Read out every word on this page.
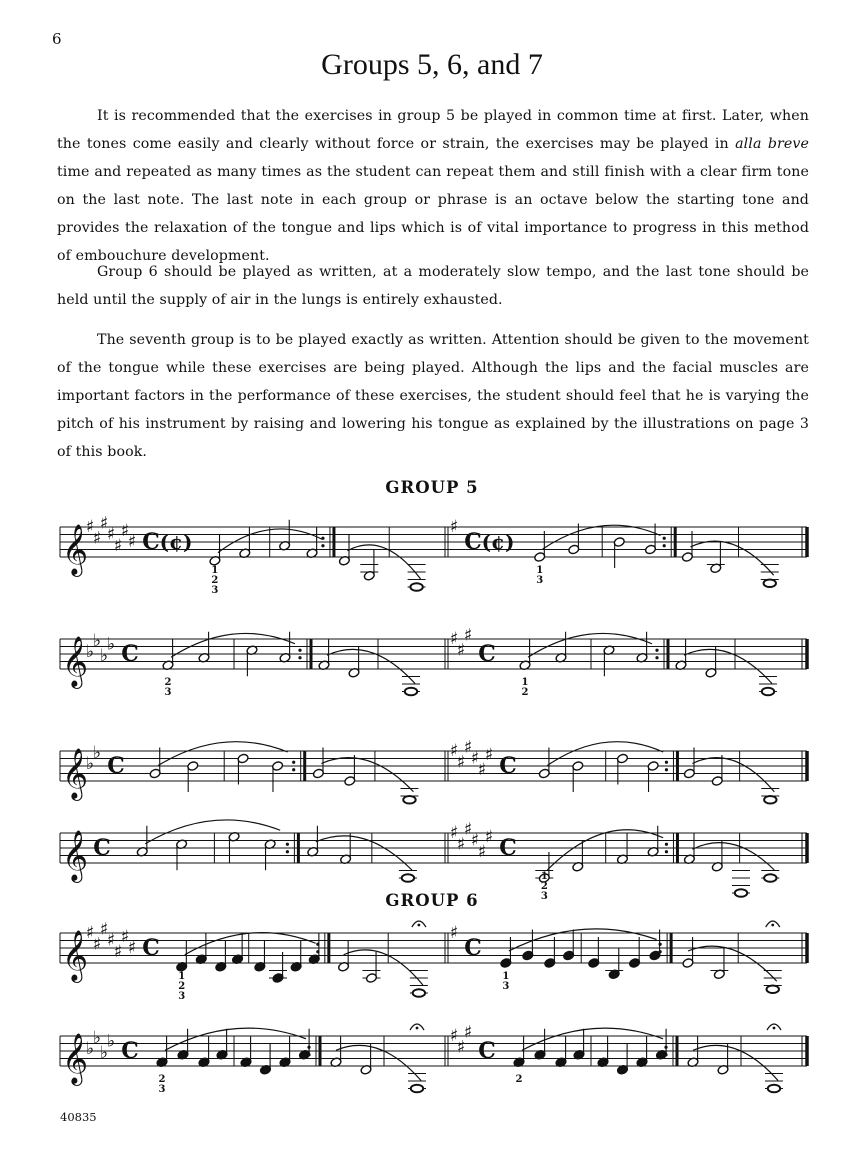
6
Groups 5, 6, and 7
It is recommended that the exercises in group 5 be played in common time at first. Later, when the tones come easily and clearly without force or strain, the exercises may be played in alla breve time and repeated as many times as the student can repeat them and still finish with a clear firm tone on the last note. The last note in each group or phrase is an octave below the starting tone and provides the relaxation of the tongue and lips which is of vital importance to progress in this method of embouchure development.
Group 6 should be played as written, at a moderately slow tempo, and the last tone should be held until the supply of air in the lungs is entirely exhausted.
The seventh group is to be played exactly as written. Attention should be given to the movement of the tongue while these exercises are being played. Although the lips and the facial muscles are important factors in the performance of these exercises, the student should feel that he is varying the pitch of his instrument by raising and lowering his tongue as explained by the illustrations on page 3 of this book.
GROUP 5
GROUP 6
𝄞
♯
♯
♯
♯
♯
♯
♯ C (¢)
1
2
3
♯
C (¢)
1
3
𝄞
♭
♭
♭
♭ C
2
3
♯
♯
♯
C
1
2
𝄞
♭
♭
C
♯
♯
♯
♯
♯
♯ C
𝄞 C
♯
♯
♯
♯
♯
♯ C
1
2
3
𝄞
♯
♯
♯
♯
♯
♯
♯ C
1
2
3
♯
C
1
3
𝄞
♭
♭
♭
♭ C
2
3
♯
♯
♯
C
2
40835
